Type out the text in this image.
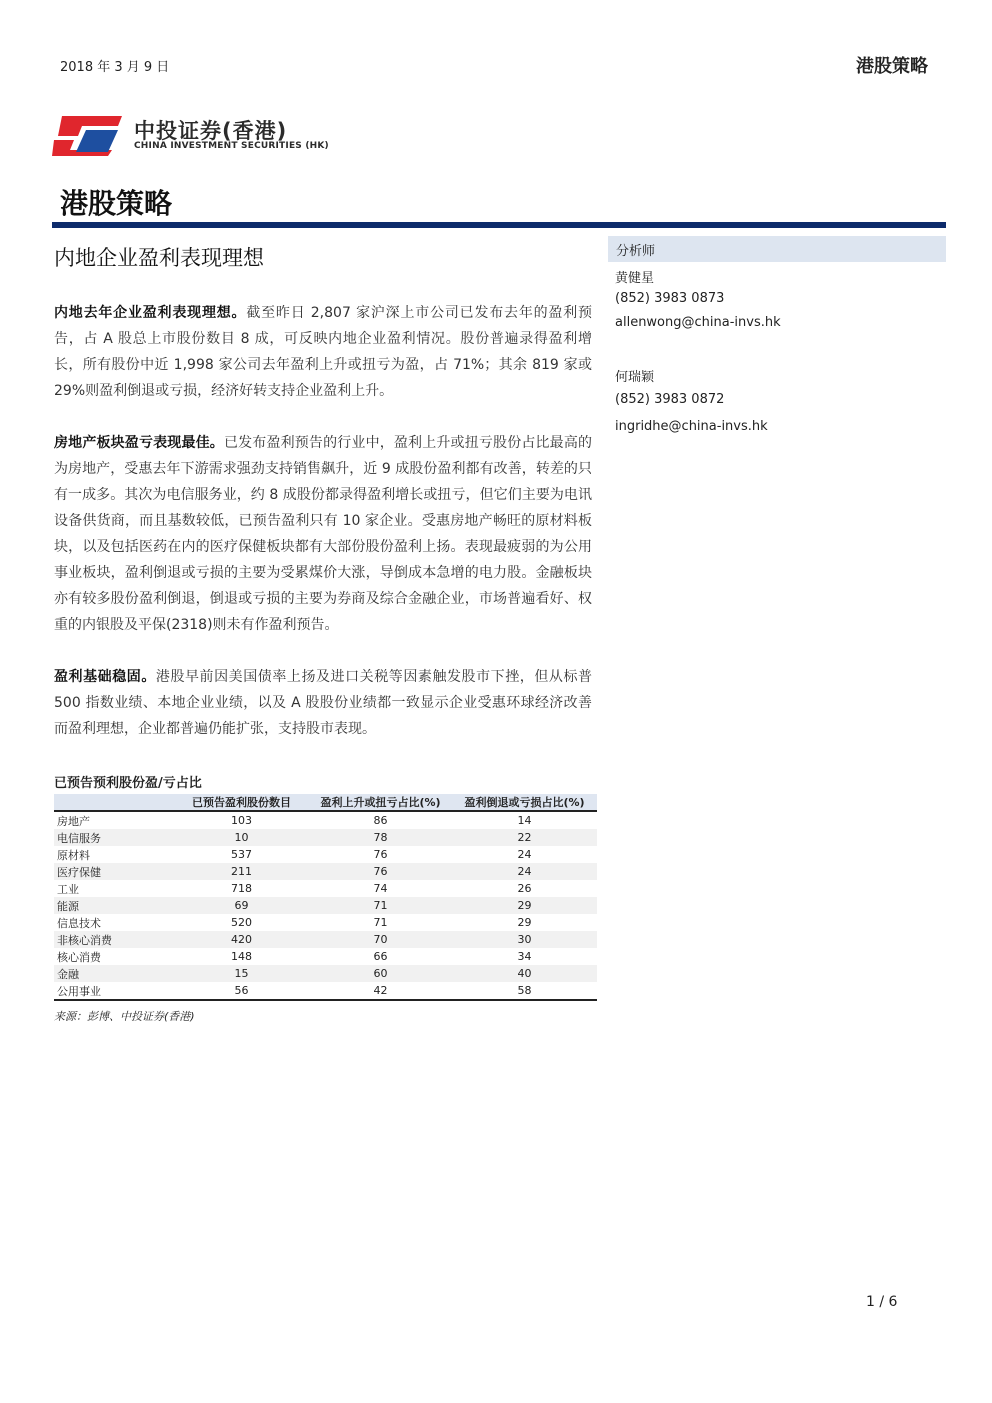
2018 年 3 月 9 日	港股策略
中投证券(香港)
CHINA INVESTMENT SECURITIES (HK)
港股策略
内地企业盈利表现理想
内地去年企业盈利表现理想。截至昨日 2,807 家沪深上市公司已发布去年的盈利预告，占 A 股总上市股份数目 8 成，可反映内地企业盈利情况。股份普遍录得盈利增长，所有股份中近 1,998 家公司去年盈利上升或扭亏为盈，占 71%；其余 819 家或 29%则盈利倒退或亏损，经济好转支持企业盈利上升。
房地产板块盈亏表现最佳。已发布盈利预告的行业中，盈利上升或扭亏股份占比最高的为房地产，受惠去年下游需求强劲支持销售飙升，近 9 成股份盈利都有改善，转差的只有一成多。其次为电信服务业，约 8 成股份都录得盈利增长或扭亏，但它们主要为电讯设备供货商，而且基数较低，已预告盈利只有 10 家企业。受惠房地产畅旺的原材料板块，以及包括医药在内的医疗保健板块都有大部份股份盈利上扬。表现最疲弱的为公用事业板块，盈利倒退或亏损的主要为受累煤价大涨，导倒成本急增的电力股。金融板块亦有较多股份盈利倒退，倒退或亏损的主要为券商及综合金融企业，市场普遍看好、权重的内银股及平保(2318)则未有作盈利预告。
盈利基础稳固。港股早前因美国债率上扬及进口关税等因素触发股市下挫，但从标普 500 指数业绩、本地企业业绩，以及 A 股股份业绩都一致显示企业受惠环球经济改善而盈利理想，企业都普遍仍能扩张，支持股市表现。
分析师
黄健星
(852) 3983 0873
allenwong@china-invs.hk
何瑞颖
(852) 3983 0872
ingridhe@china-invs.hk
已预告预利股份盈/亏占比
	已预告盈利股份数目	盈利上升或扭亏占比(%)	盈利倒退或亏损占比(%)
房地产	103	86	14
电信服务	10	78	22
原材料	537	76	24
医疗保健	211	76	24
工业	718	74	26
能源	69	71	29
信息技术	520	71	29
非核心消费	420	70	30
核心消费	148	66	34
金融	15	60	40
公用事业	56	42	58
来源：彭博、中投证券(香港)
1 / 6
